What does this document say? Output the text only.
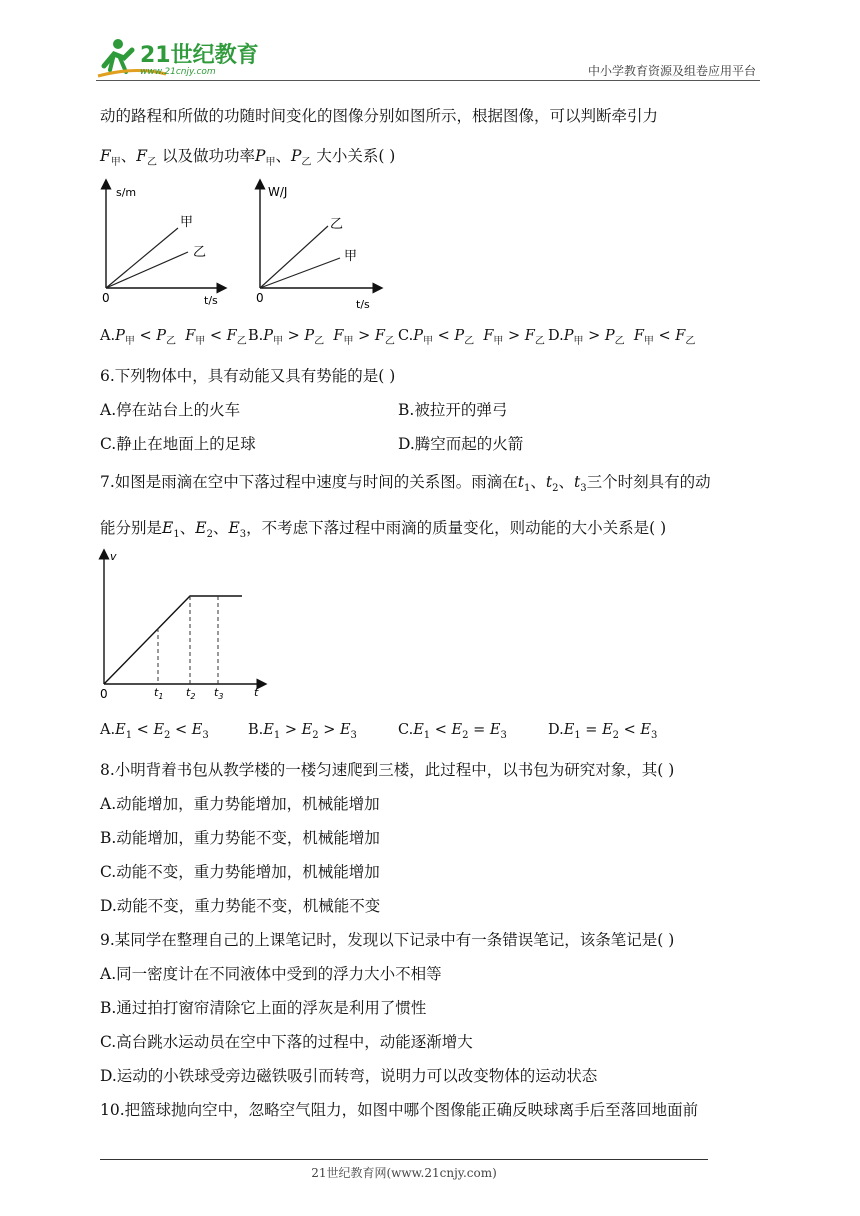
21世纪教育
www.21cnjy.com	中小学教育资源及组卷应用平台
动的路程和所做的功随时间变化的图像分别如图所示，根据图像，可以判断牵引力
$F_甲$、$F_乙$ 以及做功功率$P_甲$、$P_乙$ 大小关系( )
s/m
t/s
0
甲
乙
W/J
t/s
0
乙
甲
$A.P_甲 < P_乙$ $F_甲 < F_乙$ $B.P_甲 > P_乙$ $F_甲 > F_乙$ $C.P_甲 < P_乙$ $F_甲 > F_乙$ $D.P_甲 > P_乙$ $F_甲 < F_乙$
6.下列物体中，具有动能又具有势能的是( )
A.停在站台上的火车	B.被拉开的弹弓
C.静止在地面上的足球	D.腾空而起的火箭
7.如图是雨滴在空中下落过程中速度与时间的关系图。雨滴在$t_1$、$t_2$、$t_3$三个时刻具有的动
能分别是$E_1$、$E_2$、$E_3$，不考虑下落过程中雨滴的质量变化，则动能的大小关系是( )
v
t
0	$t_1$ $t_2$ $t_3$
$A.E_1 < E_2 < E_3$	$B.E_1 > E_2 > E_3$	$C.E_1 < E_2 = E_3$	$D.E_1 = E_2 < E_3$
8.小明背着书包从教学楼的一楼匀速爬到三楼，此过程中，以书包为研究对象，其( )
A.动能增加，重力势能增加，机械能增加
B.动能增加，重力势能不变，机械能增加
C.动能不变，重力势能增加，机械能增加
D.动能不变，重力势能不变，机械能不变
9.某同学在整理自己的上课笔记时，发现以下记录中有一条错误笔记，该条笔记是( )
A.同一密度计在不同液体中受到的浮力大小不相等
B.通过拍打窗帘清除它上面的浮灰是利用了惯性
C.高台跳水运动员在空中下落的过程中，动能逐渐增大
D.运动的小铁球受旁边磁铁吸引而转弯，说明力可以改变物体的运动状态
10.把篮球抛向空中，忽略空气阻力，如图中哪个图像能正确反映球离手后至落回地面前
21世纪教育网(www.21cnjy.com)
